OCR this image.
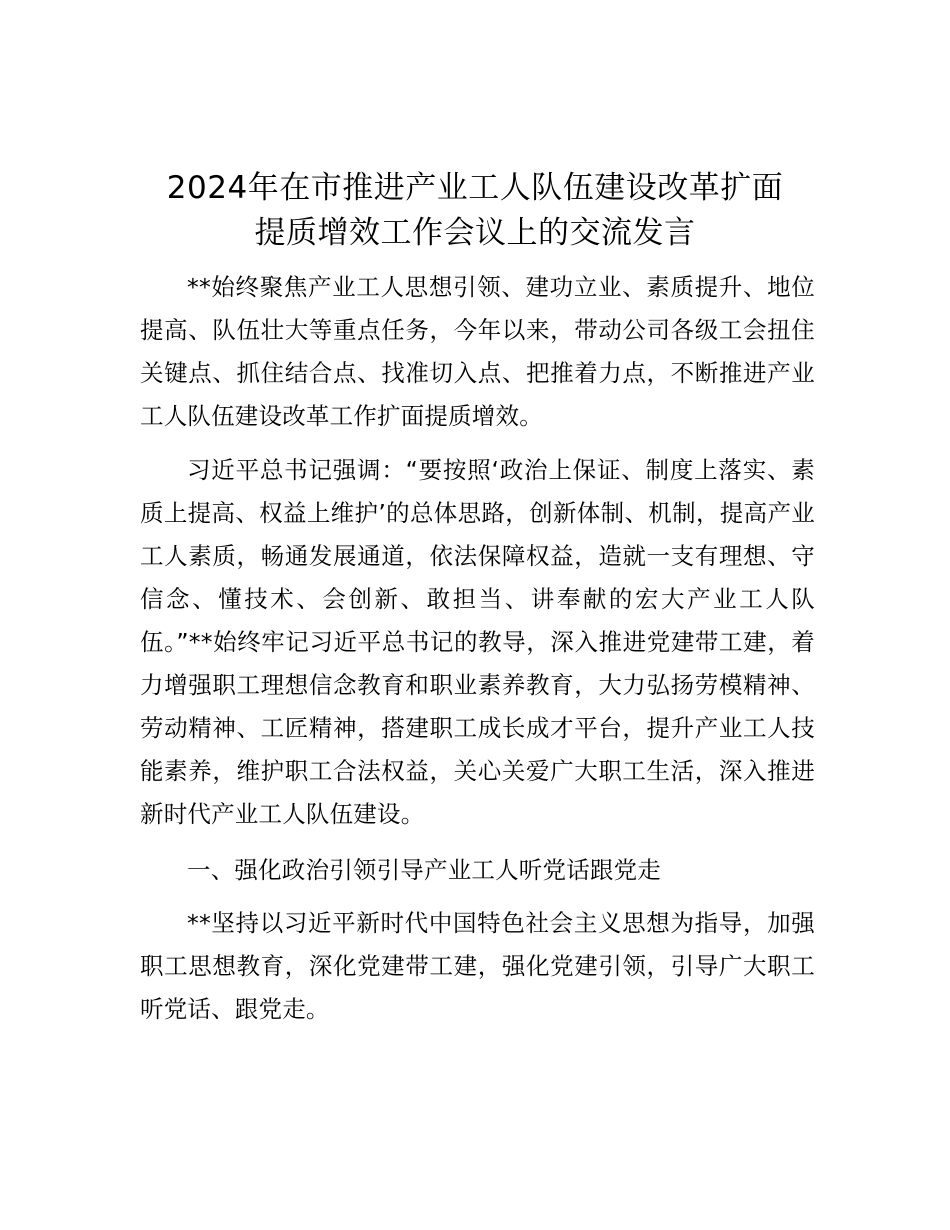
2024年在市推进产业工人队伍建设改革扩面
提质增效工作会议上的交流发言

**始终聚焦产业工人思想引领、建功立业、素质提升、地位提高、队伍壮大等重点任务，今年以来，带动公司各级工会扭住关键点、抓住结合点、找准切入点、把推着力点，不断推进产业工人队伍建设改革工作扩面提质增效。

习近平总书记强调：“要按照‘政治上保证、制度上落实、素质上提高、权益上维护’的总体思路，创新体制、机制，提高产业工人素质，畅通发展通道，依法保障权益，造就一支有理想、守信念、懂技术、会创新、敢担当、讲奉献的宏大产业工人队伍。”**始终牢记习近平总书记的教导，深入推进党建带工建，着力增强职工理想信念教育和职业素养教育，大力弘扬劳模精神、劳动精神、工匠精神，搭建职工成长成才平台，提升产业工人技能素养，维护职工合法权益，关心关爱广大职工生活，深入推进新时代产业工人队伍建设。

一、强化政治引领引导产业工人听党话跟党走

**坚持以习近平新时代中国特色社会主义思想为指导，加强职工思想教育，深化党建带工建，强化党建引领，引导广大职工听党话、跟党走。
